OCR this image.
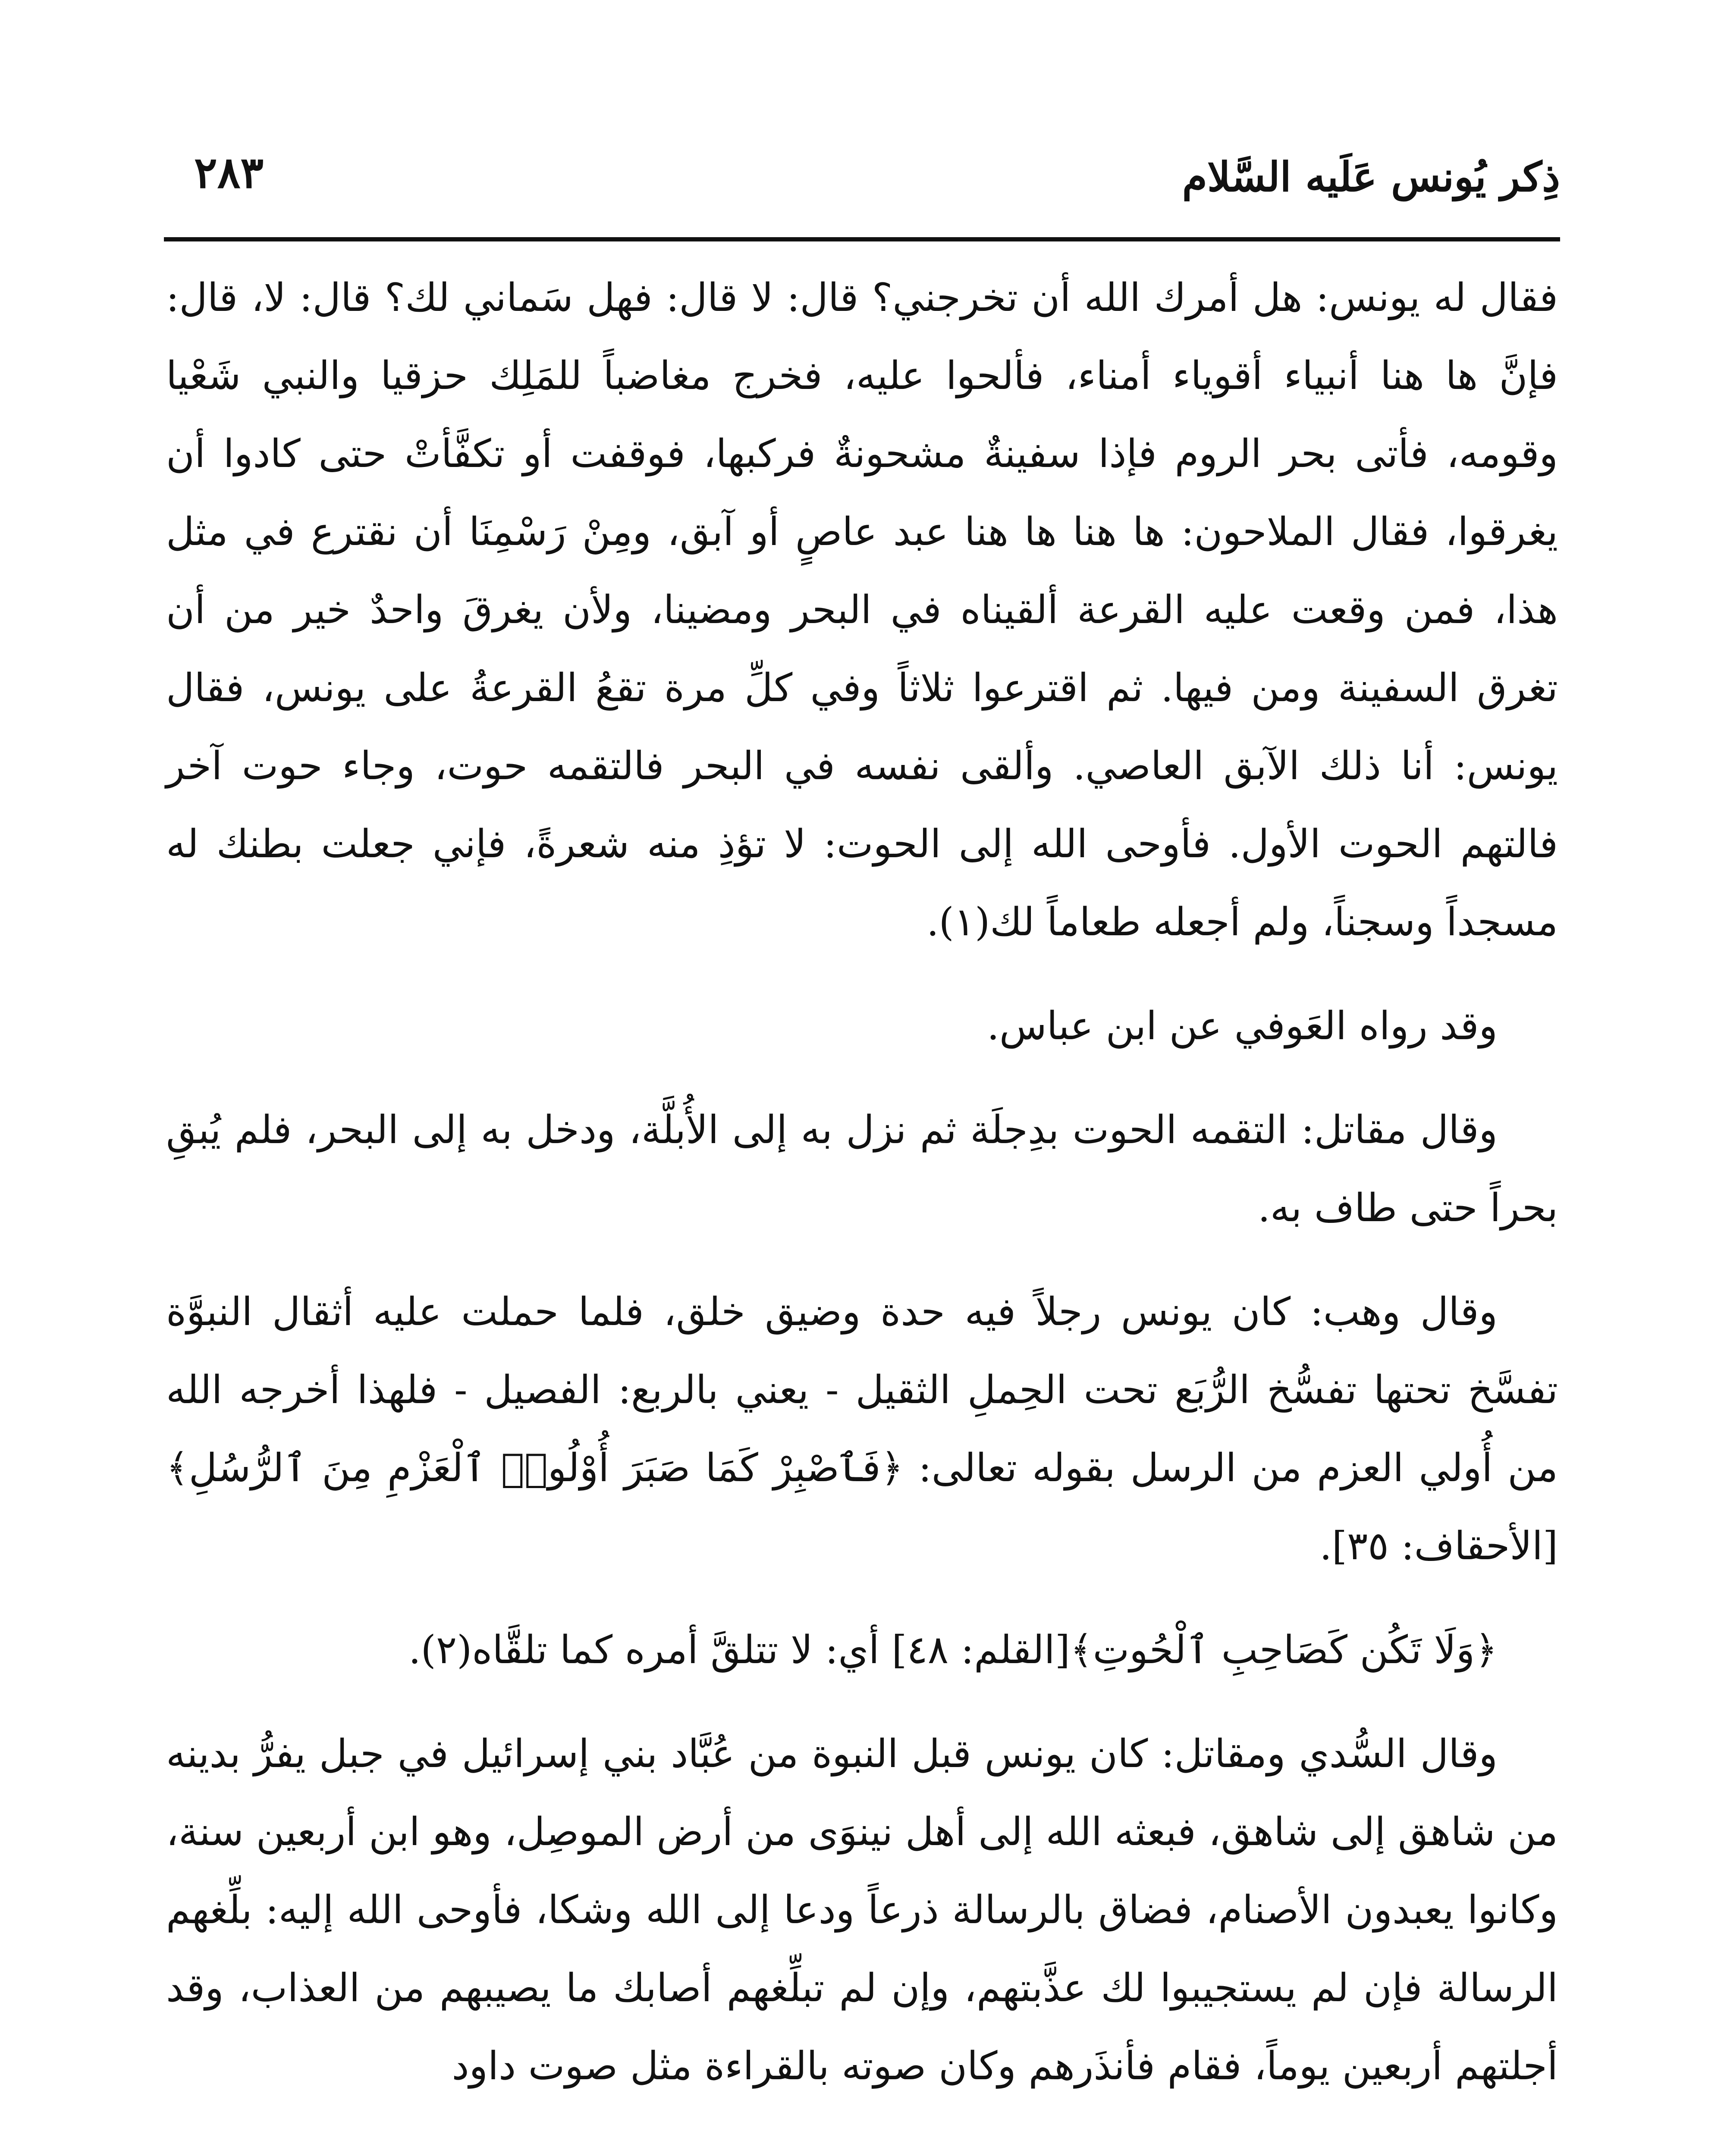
ذِكر يُونس عَلَيه السَّلام
٢٨٣

فقال له يونس: هل أمرك الله أن تخرجني؟ قال: لا قال: فهل سَماني لك؟ قال: لا، قال: فإنَّ ها هنا أنبياء أقوياء أمناء، فألحوا عليه، فخرج مغاضباً للمَلِك حزقيا والنبي شَعْيا وقومه، فأتى بحر الروم فإذا سفينةٌ مشحونةٌ فركبها، فوقفت أو تكفَّأتْ حتى كادوا أن يغرقوا، فقال الملاحون: ها هنا ها هنا عبد عاصٍ أو آبق، ومِنْ رَسْمِنَا أن نقترع في مثل هذا، فمن وقعت عليه القرعة ألقيناه في البحر ومضينا، ولأن يغرقَ واحدٌ خير من أن تغرق السفينة ومن فيها. ثم اقترعوا ثلاثاً وفي كلِّ مرة تقعُ القرعةُ على يونس، فقال يونس: أنا ذلك الآبق العاصي. وألقى نفسه في البحر فالتقمه حوت، وجاء حوت آخر فالتهم الحوت الأول. فأوحى الله إلى الحوت: لا تؤذِ منه شعرةً، فإني جعلت بطنك له مسجداً وسجناً، ولم أجعله طعاماً لك(١).

وقد رواه العَوفي عن ابن عباس.

وقال مقاتل: التقمه الحوت بدِجلَة ثم نزل به إلى الأُبلَّة، ودخل به إلى البحر، فلم يُبقِ بحراً حتى طاف به.

وقال وهب: كان يونس رجلاً فيه حدة وضيق خلق، فلما حملت عليه أثقال النبوَّة تفسَّخ تحتها تفسُّخ الرُّبَع تحت الحِملِ الثقيل - يعني بالربع: الفصيل - فلهذا أخرجه الله من أُولي العزم من الرسل بقوله تعالى: ﴿فَٱصْبِرْ كَمَا صَبَرَ أُوْلُوا۟ ٱلْعَزْمِ مِنَ ٱلرُّسُلِ﴾[الأحقاف: ٣٥].

﴿وَلَا تَكُن كَصَاحِبِ ٱلْحُوتِ﴾[القلم: ٤٨] أي: لا تتلقَّ أمره كما تلقَّاه(٢).

وقال السُّدي ومقاتل: كان يونس قبل النبوة من عُبَّاد بني إسرائيل في جبل يفرُّ بدينه من شاهق إلى شاهق، فبعثه الله إلى أهل نينوَى من أرض الموصِل، وهو ابن أربعين سنة، وكانوا يعبدون الأصنام، فضاق بالرسالة ذرعاً ودعا إلى الله وشكا، فأوحى الله إليه: بلِّغهم الرسالة فإن لم يستجيبوا لك عذَّبتهم، وإن لم تبلِّغهم أصابك ما يصيبهم من العذاب، وقد أجلتهم أربعين يوماً، فقام فأنذَرهم وكان صوته بالقراءة مثل صوت داود
